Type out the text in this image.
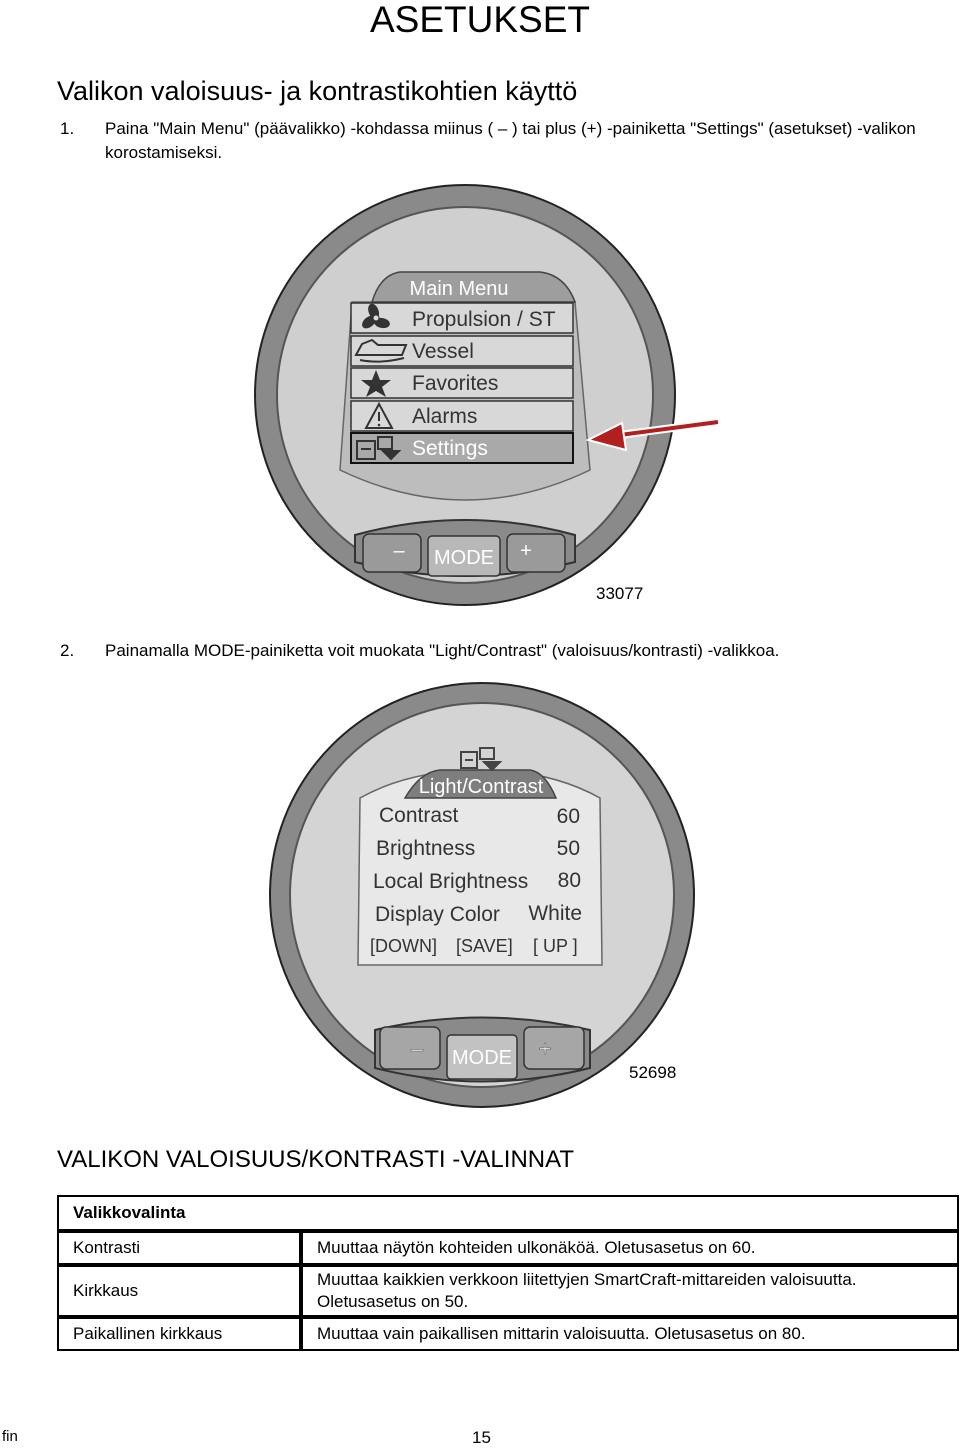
ASETUKSET
Valikon valoisuus- ja kontrastikohtien käyttö
1. Paina "Main Menu" (päävalikko) -kohdassa miinus ( – ) tai plus (+) -painiketta "Settings" (asetukset) -valikon korostamiseksi.
Main Menu
Propulsion / ST
Vessel
Favorites
Alarms
Settings
– MODE +
33077
2. Painamalla MODE-painiketta voit muokata "Light/Contrast" (valoisuus/kontrasti) -valikkoa.
Light/Contrast
Contrast	60
Brightness	50
Local Brightness 80
Display Color White
[DOWN] [SAVE] [ UP ]
– MODE +
52698
VALIKON VALOISUUS/KONTRASTI -VALINNAT
Valikkovalinta	
Kontrasti	Muuttaa näytön kohteiden ulkonäköä. Oletusasetus on 60.
Kirkkaus	Muuttaa kaikkien verkkoon liitettyjen SmartCraft-mittareiden valoisuutta.
Oletusasetus on 50.

Paikallinen kirkkaus	Muuttaa vain paikallisen mittarin valoisuutta. Oletusasetus on 80.
fin	15
